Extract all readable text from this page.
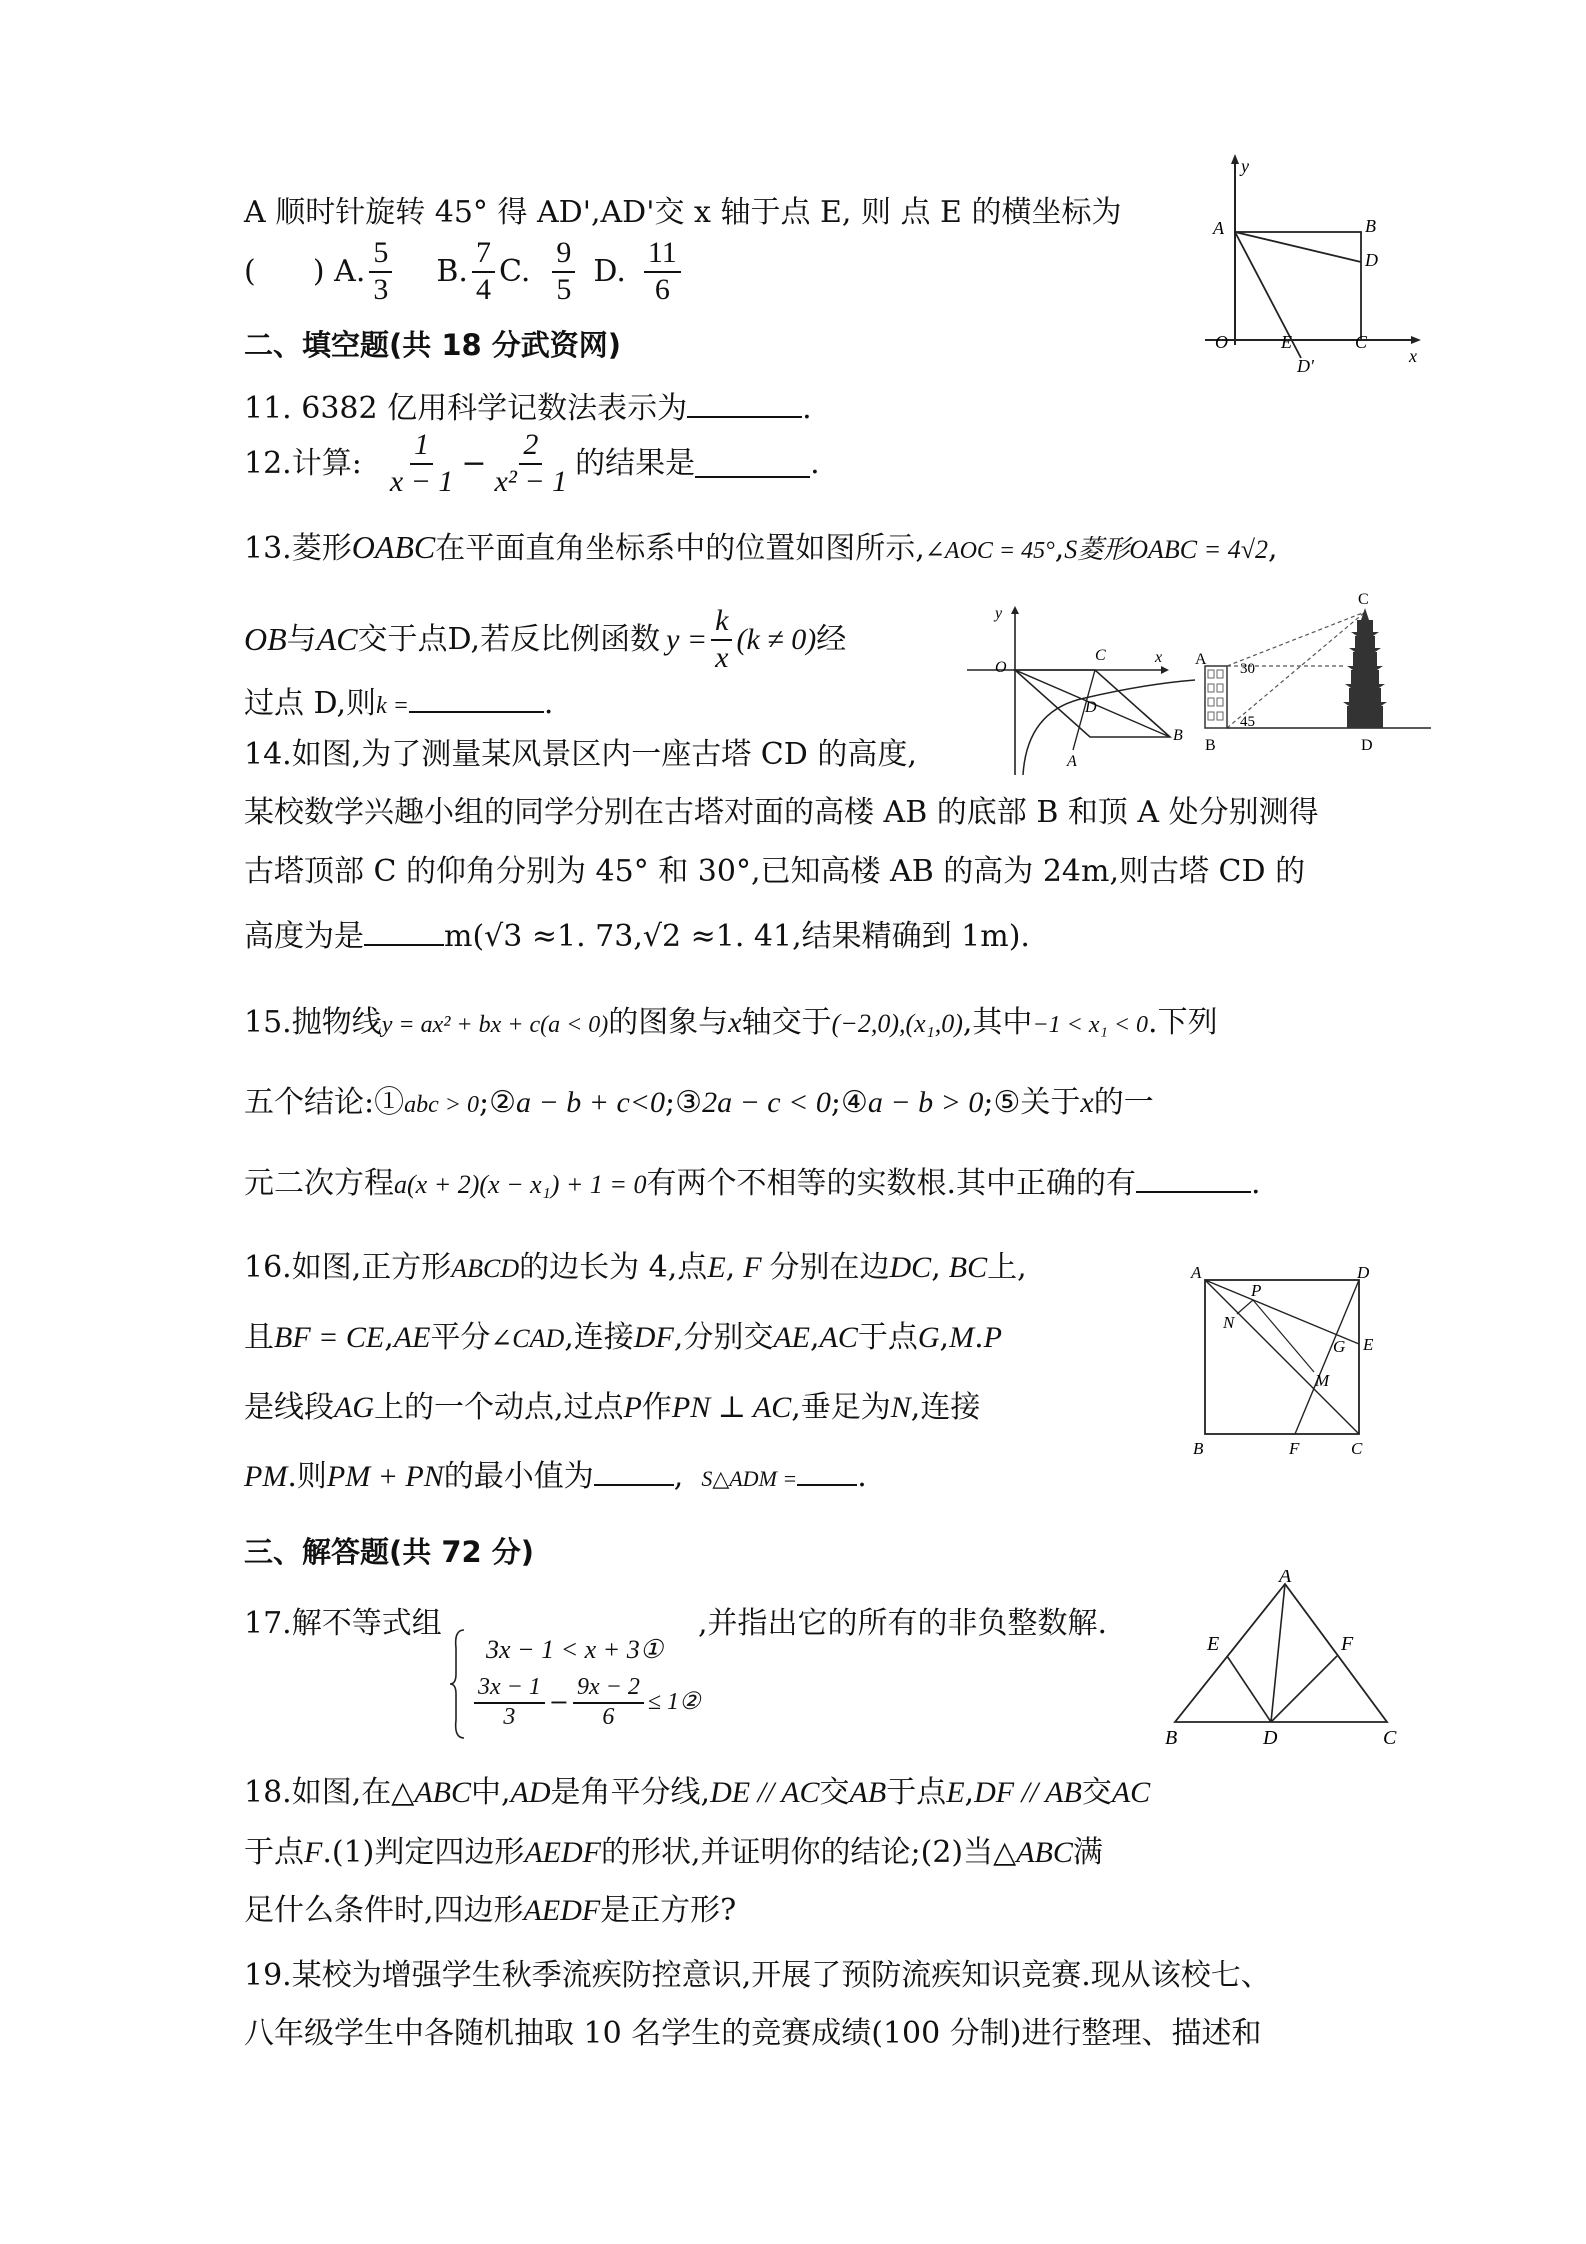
A 顺时针旋转 45° 得 AD',AD'交 x 轴于点 E, 则 点 E 的横坐标为
(      ) A. $\frac{5}{3} B$. $\frac{7}{4} C$. $\frac{9}{5} D$. $\frac{11}{6}$
y
A	B
D
O	E
D'
C
x
二、填空题(共 18 分武资网)
11. 6382 亿用科学记数法表示为	.
12.计算: $\frac{1}{x - 1} - \frac{2}{\text{x² − 1}}$ 的结果是	.
13.菱形OABC在平面直角坐标系中的位置如图所示,∠AOC = 45°,S菱形OABC = 4√2,
OB 与 AC 交于点D,若反比例函数 $y = \frac{k}{x} (k \ne 0)$ 经
过点 D,则k =	.
y
O
C	x
D
A
B
C
A
30
B
45
D
14.如图,为了测量某风景区内一座古塔 CD 的高度,
某校数学兴趣小组的同学分别在古塔对面的高楼 AB 的底部 B 和顶 A 处分别测得
古塔顶部 C 的仰角分别为 45° 和 30°,已知高楼 AB 的高为 24m,则古塔 CD 的
高度为是	m(√3 ≈1. 73,√2 ≈1. 41,结果精确到 1m).
15.抛物线y = ax² + bx + c(a < 0)的图象与x轴交于(−2,0),(x₁,0),其中−1 < x₁ < 0.下列
五个结论:①abc > 0;②a − b + c<0;③2a − c < 0;④a − b > 0;⑤关于x的一
元二次方程a(x + 2)(x − x₁) + 1 = 0有两个不相等的实数根.其中正确的有	.
16.如图,正方形ABCD的边长为 4,点E, F 分别在边DC, BC上,
且BF = CE,AE平分∠CAD,连接DF,分别交AE,AC于点G,M.P
是线段AG上的一个动点,过点P作PN ⊥ AC,垂足为N,连接
PM.则PM + PN的最小值为	, S△ADM = .
A	D
P
N
G E
M
B	F	C
三、解答题(共 72 分)
17.解不等式组	,并指出它的所有的非负整数解.
3x − 1 < x + 3①
$\frac{3x - 1}{3} - \frac{9x - 2}{6}$ ≤ 1②
A
E	F
B	D	C
18.如图,在△ABC中,AD是角平分线,DE // AC交AB于点E,DF // AB交AC
于点F.(1)判定四边形AEDF的形状,并证明你的结论;(2)当△ABC满
足什么条件时,四边形AEDF是正方形?
19.某校为增强学生秋季流疾防控意识,开展了预防流疾知识竞赛.现从该校七、
八年级学生中各随机抽取 10 名学生的竞赛成绩(100 分制)进行整理、描述和
